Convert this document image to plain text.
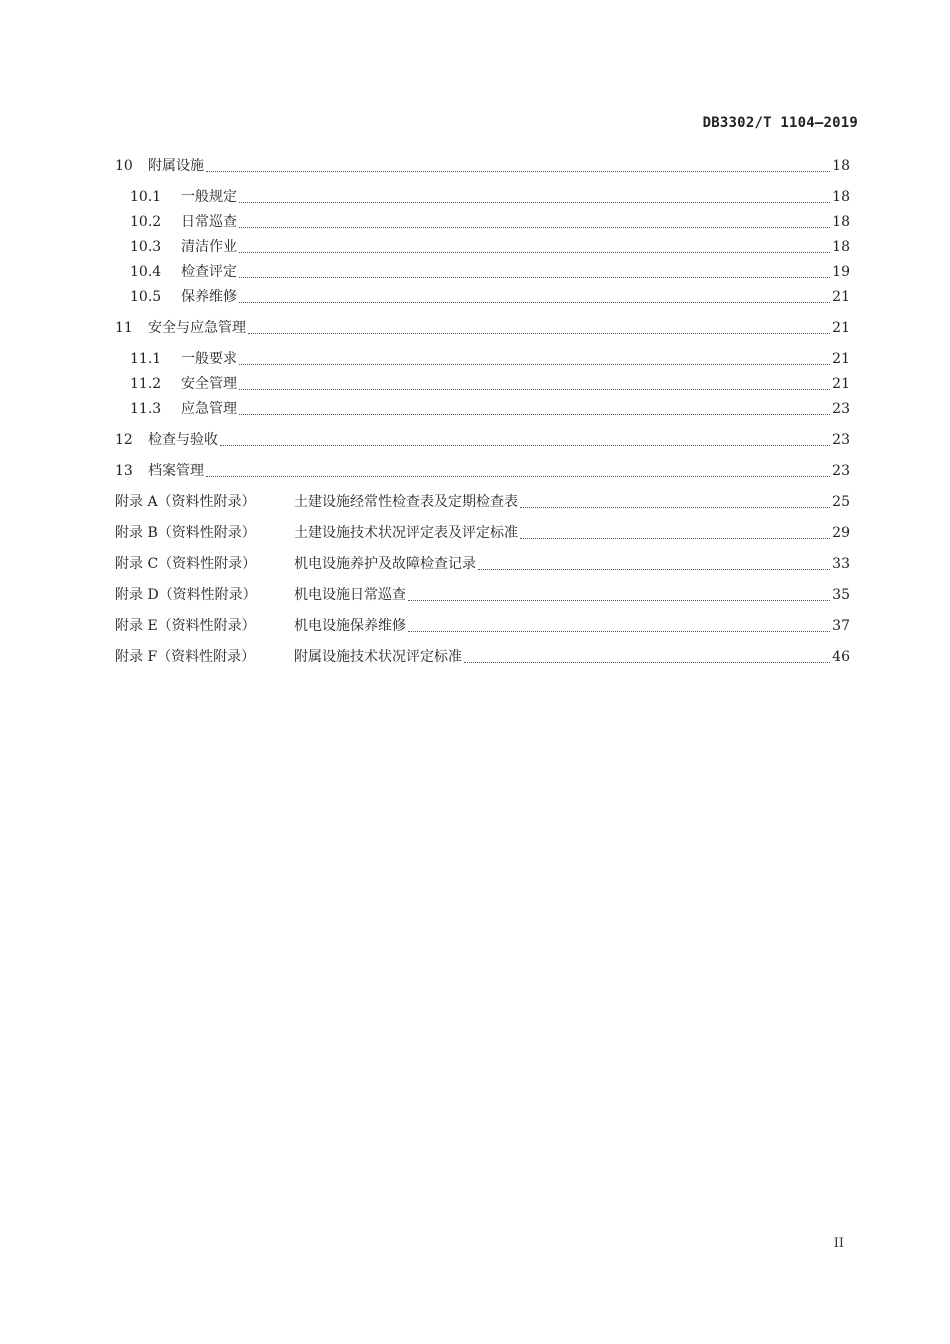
DB3302/T 1104—2019
10	附属设施	18
10.1	一般规定	18
10.2	日常巡查	18
10.3	清洁作业	18
10.4	检查评定	19
10.5	保养维修	21
11	安全与应急管理	21
11.1	一般要求	21
11.2	安全管理	21
11.3	应急管理	23
12	检查与验收	23
13	档案管理	23
附录 A（资料性附录）	土建设施经常性检查表及定期检查表	25
附录 B（资料性附录）	土建设施技术状况评定表及评定标准	29
附录 C（资料性附录）	机电设施养护及故障检查记录	33
附录 D（资料性附录）	机电设施日常巡查	35
附录 E（资料性附录）	机电设施保养维修	37
附录 F（资料性附录）	附属设施技术状况评定标准	46
II
